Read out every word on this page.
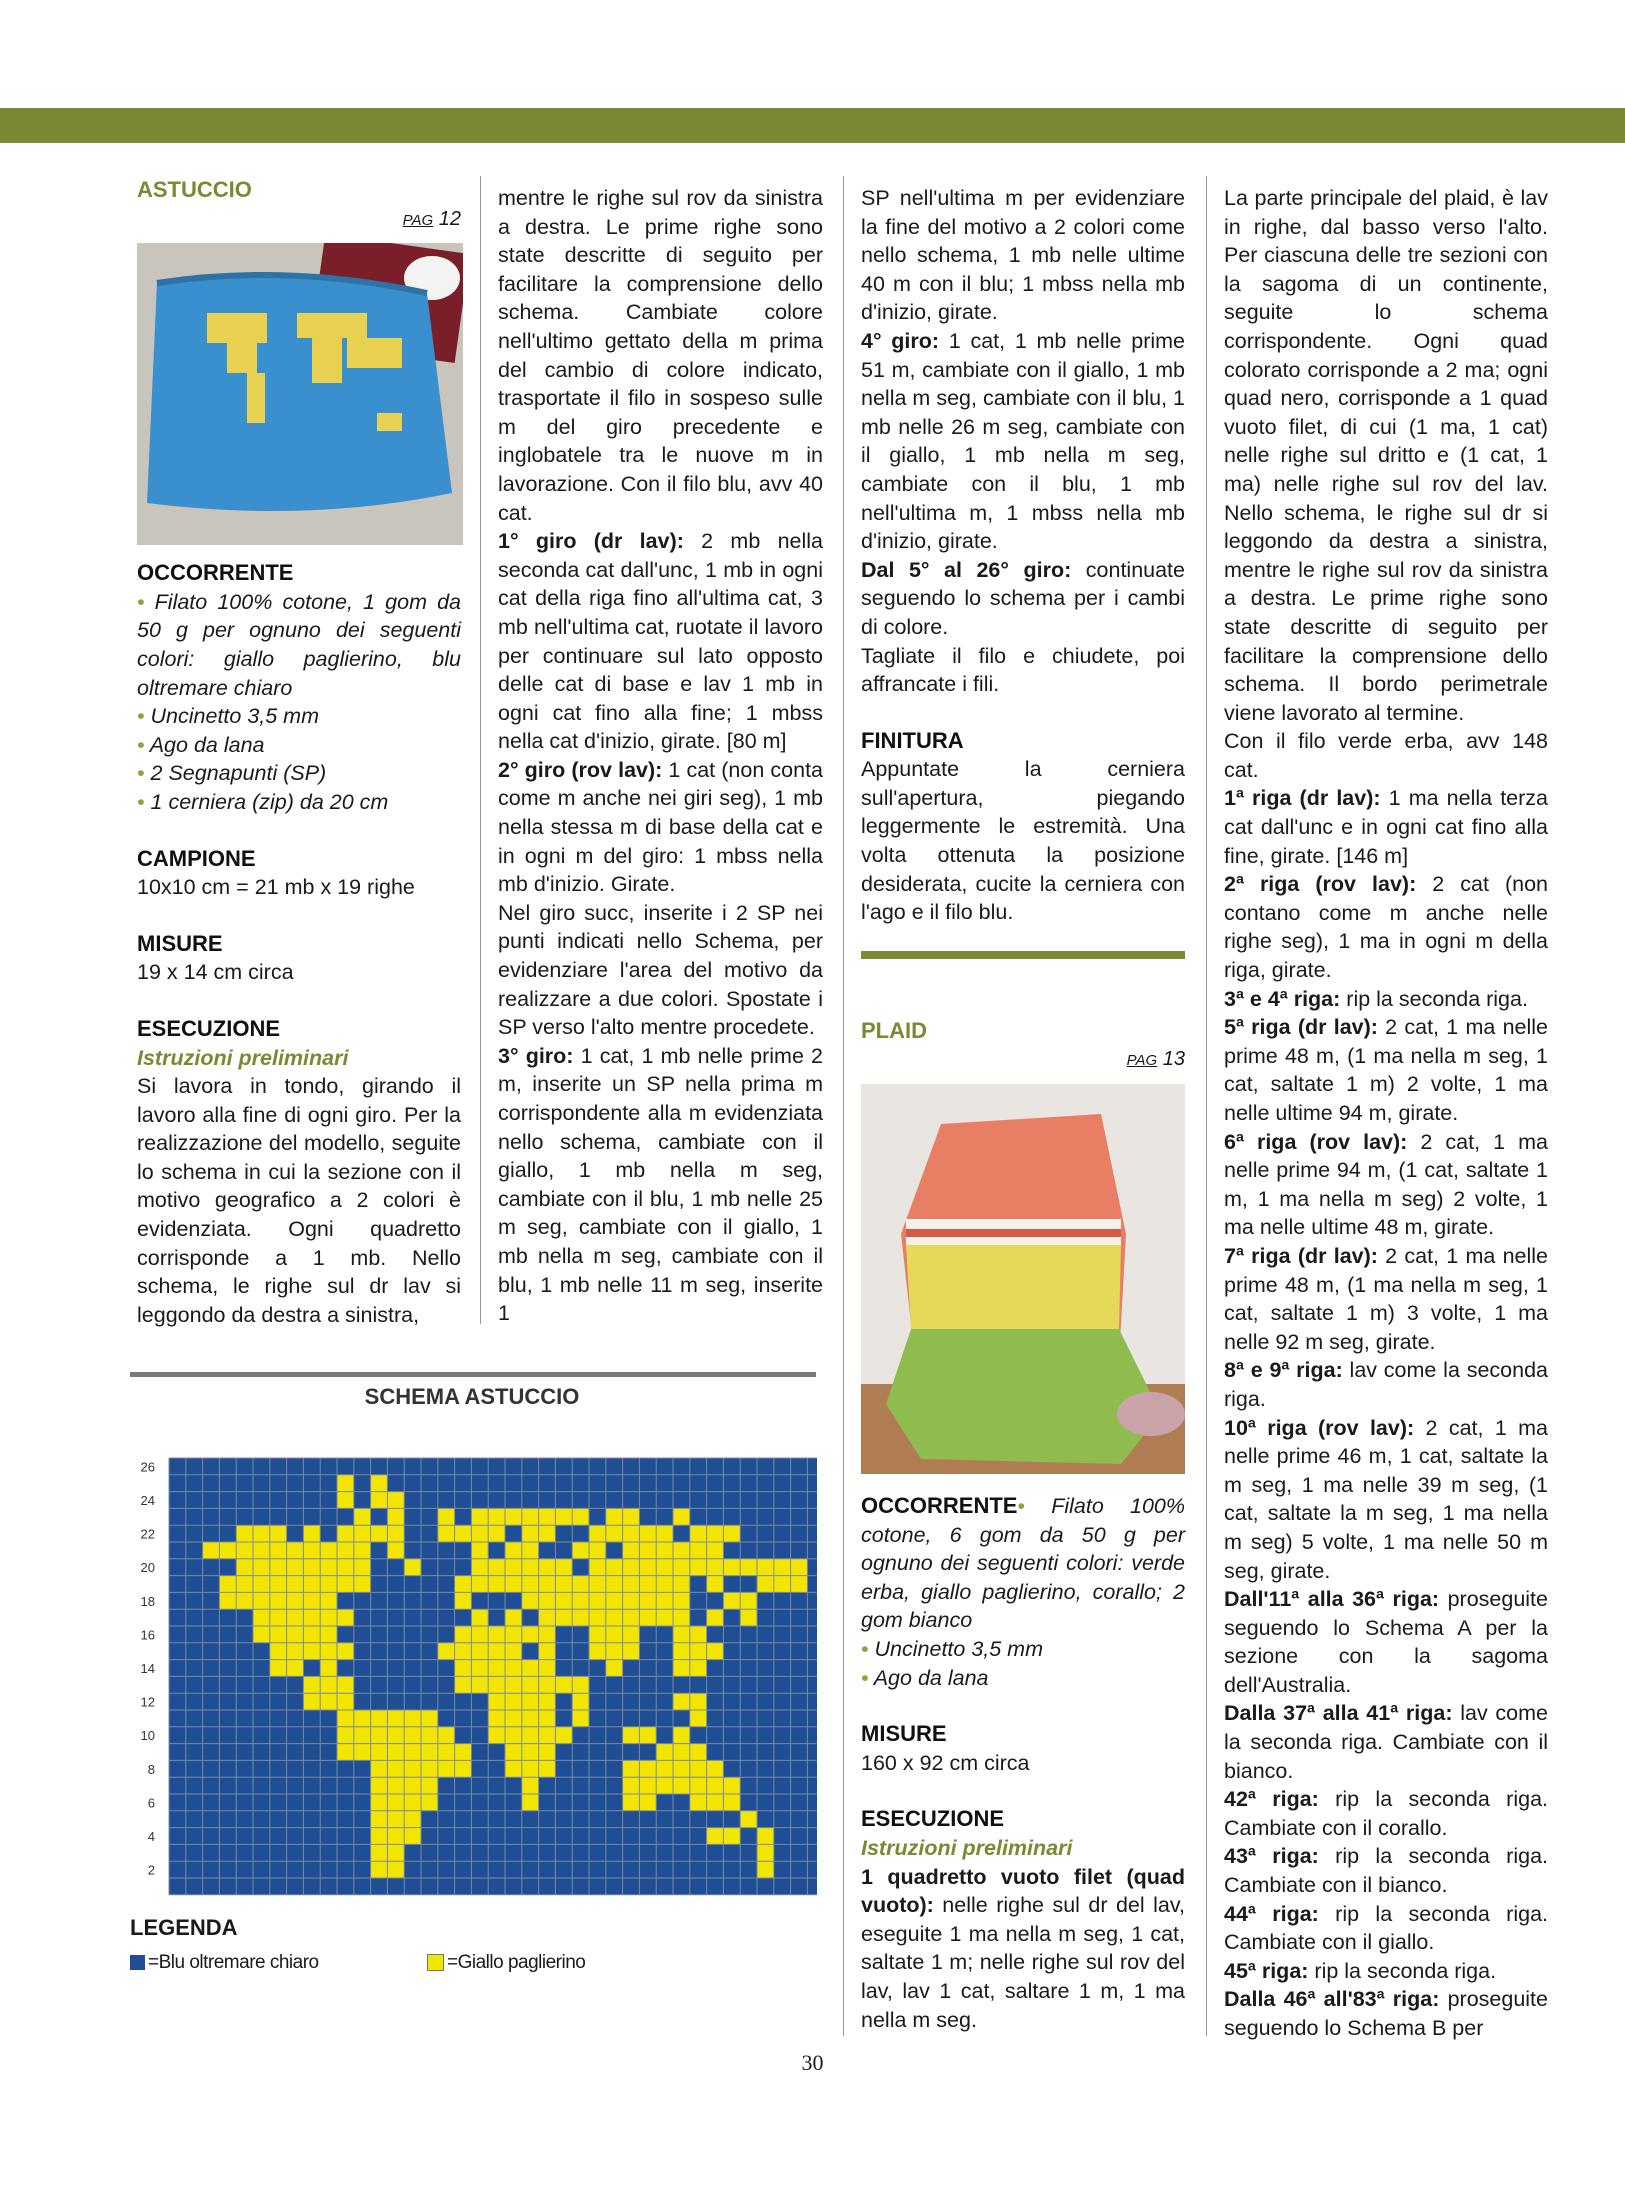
ASTUCCIO
PAG 12
OCCORRENTE

• Filato 100% cotone, 1 gom da 50 g per ognuno dei seguenti colori: giallo paglierino, blu oltremare chiaro

• Uncinetto 3,5 mm

• Ago da lana

• 2 Segnapunti (SP)

• 1 cerniera (zip) da 20 cm

CAMPIONE

10x10 cm = 21 mb x 19 righe

MISURE

19 x 14 cm circa

ESECUZIONE
Istruzioni preliminari

Si lavora in tondo, girando il lavoro alla fine di ogni giro. Per la realizzazione del modello, seguite lo schema in cui la sezione con il motivo geografico a 2 colori è evidenziata. Ogni quadretto corrisponde a 1 mb. Nello schema, le righe sul dr lav si leggondo da destra a sinistra,

mentre le righe sul rov da sinistra a destra. Le prime righe sono state descritte di seguito per facilitare la comprensione dello schema. Cambiate colore nell'ultimo gettato della m prima del cambio di colore indicato, trasportate il filo in sospeso sulle m del giro precedente e inglobatele tra le nuove m in lavorazione. Con il filo blu, avv 40 cat.

1° giro (dr lav): 2 mb nella seconda cat dall'unc, 1 mb in ogni cat della riga fino all'ultima cat, 3 mb nell'ultima cat, ruotate il lavoro per continuare sul lato opposto delle cat di base e lav 1 mb in ogni cat fino alla fine; 1 mbss nella cat d'inizio, girate. [80 m]

2° giro (rov lav): 1 cat (non conta come m anche nei giri seg), 1 mb nella stessa m di base della cat e in ogni m del giro: 1 mbss nella mb d'inizio. Girate.

Nel giro succ, inserite i 2 SP nei punti indicati nello Schema, per evidenziare l'area del motivo da realizzare a due colori. Spostate i SP verso l'alto mentre procedete.

3° giro: 1 cat, 1 mb nelle prime 2 m, inserite un SP nella prima m corrispondente alla m evidenziata nello schema, cambiate con il giallo, 1 mb nella m seg, cambiate con il blu, 1 mb nelle 25 m seg, cambiate con il giallo, 1 mb nella m seg, cambiate con il blu, 1 mb nelle 11 m seg, inserite 1

SP nell'ultima m per evidenziare la fine del motivo a 2 colori come nello schema, 1 mb nelle ultime 40 m con il blu; 1 mbss nella mb d'inizio, girate.

4° giro: 1 cat, 1 mb nelle prime 51 m, cambiate con il giallo, 1 mb nella m seg, cambiate con il blu, 1 mb nelle 26 m seg, cambiate con il giallo, 1 mb nella m seg, cambiate con il blu, 1 mb nell'ultima m, 1 mbss nella mb d'inizio, girate.

Dal 5° al 26° giro: continuate seguendo lo schema per i cambi di colore.

Tagliate il filo e chiudete, poi affrancate i fili.

FINITURA

Appuntate la cerniera sull'apertura, piegando leggermente le estremità. Una volta ottenuta la posizione desiderata, cucite la cerniera con l'ago e il filo blu.

PLAID
PAG 13

OCCORRENTE• Filato 100% cotone, 6 gom da 50 g per ognuno dei seguenti colori: verde erba, giallo paglierino, corallo; 2 gom bianco

• Uncinetto 3,5 mm

• Ago da lana

MISURE

160 x 92 cm circa

ESECUZIONE
Istruzioni preliminari

1 quadretto vuoto filet (quad vuoto): nelle righe sul dr del lav, eseguite 1 ma nella m seg, 1 cat, saltate 1 m; nelle righe sul rov del lav, lav 1 cat, saltare 1 m, 1 ma nella m seg.

La parte principale del plaid, è lav in righe, dal basso verso l'alto. Per ciascuna delle tre sezioni con la sagoma di un continente, seguite lo schema corrispondente. Ogni quad colorato corrisponde a 2 ma; ogni quad nero, corrisponde a 1 quad vuoto filet, di cui (1 ma, 1 cat) nelle righe sul dritto e (1 cat, 1 ma) nelle righe sul rov del lav. Nello schema, le righe sul dr si leggondo da destra a sinistra, mentre le righe sul rov da sinistra a destra. Le prime righe sono state descritte di seguito per facilitare la comprensione dello schema. Il bordo perimetrale viene lavorato al termine.

Con il filo verde erba, avv 148 cat.

1ª riga (dr lav): 1 ma nella terza cat dall'unc e in ogni cat fino alla fine, girate. [146 m]

2ª riga (rov lav): 2 cat (non contano come m anche nelle righe seg), 1 ma in ogni m della riga, girate.

3ª e 4ª riga: rip la seconda riga.

5ª riga (dr lav): 2 cat, 1 ma nelle prime 48 m, (1 ma nella m seg, 1 cat, saltate 1 m) 2 volte, 1 ma nelle ultime 94 m, girate.

6ª riga (rov lav): 2 cat, 1 ma nelle prime 94 m, (1 cat, saltate 1 m, 1 ma nella m seg) 2 volte, 1 ma nelle ultime 48 m, girate.

7ª riga (dr lav): 2 cat, 1 ma nelle prime 48 m, (1 ma nella m seg, 1 cat, saltate 1 m) 3 volte, 1 ma nelle 92 m seg, girate.

8ª e 9ª riga: lav come la seconda riga.

10ª riga (rov lav): 2 cat, 1 ma nelle prime 46 m, 1 cat, saltate la m seg, 1 ma nelle 39 m seg, (1 cat, saltate la m seg, 1 ma nella m seg) 5 volte, 1 ma nelle 50 m seg, girate.

Dall'11ª alla 36ª riga: proseguite seguendo lo Schema A per la sezione con la sagoma dell'Australia.

Dalla 37ª alla 41ª riga: lav come la seconda riga. Cambiate con il bianco.

42ª riga: rip la seconda riga. Cambiate con il corallo.

43ª riga: rip la seconda riga. Cambiate con il bianco.

44ª riga: rip la seconda riga. Cambiate con il giallo.

45ª riga: rip la seconda riga.

Dalla 46ª all'83ª riga: proseguite seguendo lo Schema B per

SCHEMA ASTUCCIO
26
24
22
20
18
16
14
12
10
8
6
4
2
LEGENDA
=Blu oltremare chiaro	=Giallo paglierino
30
